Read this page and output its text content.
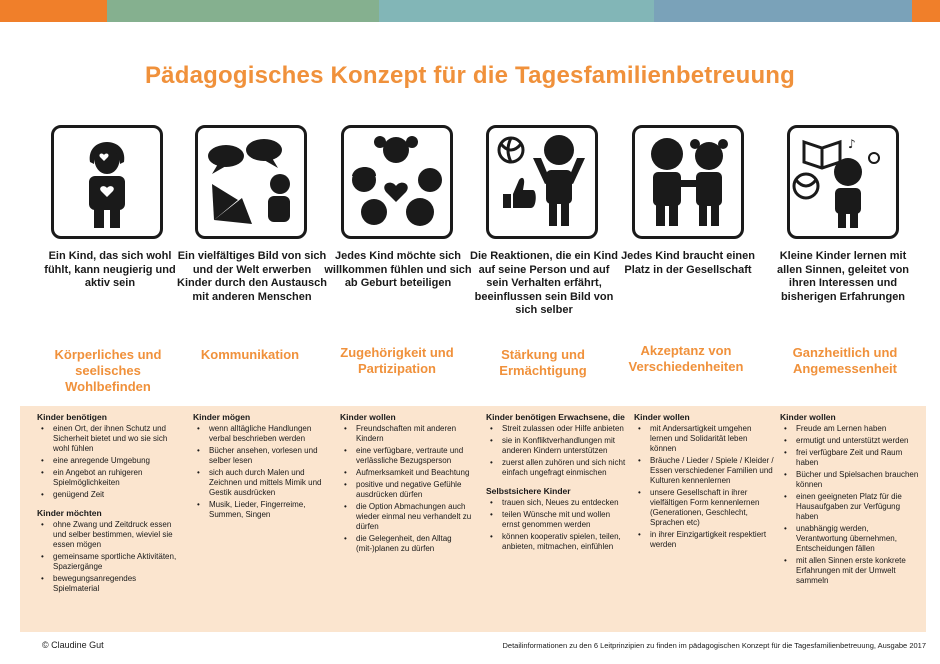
Pädagogisches Konzept für die Tagesfamilienbetreuung
♪
Ein Kind, das sich wohl fühlt, kann neugierig und aktiv sein
Ein vielfältiges Bild von sich und der Welt erwerben Kinder durch den Austausch mit anderen Menschen
Jedes Kind möchte sich willkommen fühlen und sich ab Geburt beteiligen
Die Reaktionen, die ein Kind auf seine Person und auf sein Verhalten erfährt, beeinflussen sein Bild von sich selber
Jedes Kind braucht einen Platz in der Gesellschaft
Kleine Kinder lernen mit allen Sinnen, geleitet von ihren Interessen und bisherigen Erfahrungen
Körperliches und seelisches Wohlbefinden
Kommunikation	Zugehörigkeit und Partizipation
Stärkung und Ermächtigung
Akzeptanz von Verschiedenheiten
Ganzheitlich und Angemessenheit
Kinder benötigen
• einen Ort, der ihnen Schutz und Sicherheit bietet und wo sie sich wohl fühlen
• eine anregende Umgebung
• ein Angebot an ruhigeren Spielmöglichkeiten
• genügend Zeit
Kinder möchten
• ohne Zwang und Zeitdruck essen und selber bestimmen, wieviel sie essen mögen
• gemeinsame sportliche Aktivitäten, Spaziergänge
• bewegungsanregendes Spielmaterial
Kinder mögen
• wenn alltägliche Handlungen verbal beschrieben werden
• Bücher ansehen, vorlesen und selber lesen
• sich auch durch Malen und Zeichnen und mittels Mimik und Gestik ausdrücken
• Musik, Lieder, Fingerreime, Summen, Singen
Kinder wollen
• Freundschaften mit anderen Kindern
• eine verfügbare, vertraute und verlässliche Bezugsperson
• Aufmerksamkeit und Beachtung
• positive und negative Gefühle ausdrücken dürfen
• die Option Abmachungen auch wieder einmal neu verhandelt zu dürfen
• die Gelegenheit, den Alltag (mit-)planen zu dürfen
Kinder benötigen Erwachsene, die
• Streit zulassen oder Hilfe anbieten
• sie in Konfliktverhandlungen mit anderen Kindern unterstützen
• zuerst allen zuhören und sich nicht einfach ungefragt einmischen
Selbstsichere Kinder
• trauen sich, Neues zu entdecken
• teilen Wünsche mit und wollen ernst genommen werden
• können kooperativ spielen, teilen, anbieten, mitmachen, einfühlen
Kinder wollen
• mit Andersartigkeit umgehen lernen und Solidarität leben können
• Bräuche / Lieder / Spiele / Kleider / Essen verschiedener Familien und Kulturen kennenlernen
• unsere Gesellschaft in ihrer vielfältigen Form kennenlernen (Generationen, Geschlecht, Sprachen etc)
• in ihrer Einzigartigkeit respektiert werden
Kinder wollen
• Freude am Lernen haben
• ermutigt und unterstützt werden
• frei verfügbare Zeit und Raum haben
• Bücher und Spielsachen brauchen können
• einen geeigneten Platz für die Hausaufgaben zur Verfügung haben
• unabhängig werden, Verantwortung übernehmen, Entscheidungen fällen
• mit allen Sinnen erste konkrete Erfahrungen mit der Umwelt sammeln
© Claudine Gut	Detailinformationen zu den 6 Leitprinzipien zu finden im pädagogischen Konzept für die Tagesfamilienbetreuung, Ausgabe 2017
